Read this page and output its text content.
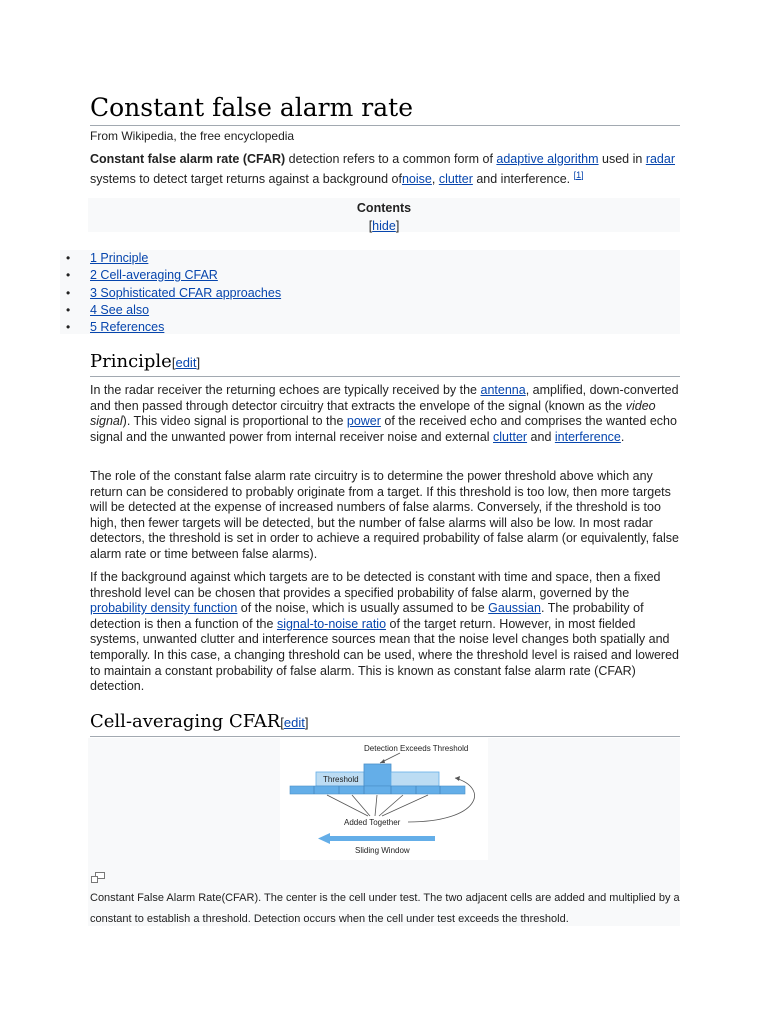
Constant false alarm rate
From Wikipedia, the free encyclopedia

Constant false alarm rate (CFAR) detection refers to a common form of adaptive algorithm used in radar systems to detect target returns against a background ofnoise, clutter and interference. [1]

Contents
[hide]
• 1 Principle
• 2 Cell-averaging CFAR
• 3 Sophisticated CFAR approaches
• 4 See also
• 5 References
Principle[edit]

In the radar receiver the returning echoes are typically received by the antenna, amplified, down-converted and then passed through detector circuitry that extracts the envelope of the signal (known as the video signal). This video signal is proportional to the power of the received echo and comprises the wanted echo signal and the unwanted power from internal receiver noise and external clutter and interference.

The role of the constant false alarm rate circuitry is to determine the power threshold above which any return can be considered to probably originate from a target. If this threshold is too low, then more targets will be detected at the expense of increased numbers of false alarms. Conversely, if the threshold is too high, then fewer targets will be detected, but the number of false alarms will also be low. In most radar detectors, the threshold is set in order to achieve a required probability of false alarm (or equivalently, false alarm rate or time between false alarms).

If the background against which targets are to be detected is constant with time and space, then a fixed threshold level can be chosen that provides a specified probability of false alarm, governed by the probability density function of the noise, which is usually assumed to be Gaussian. The probability of detection is then a function of the signal-to-noise ratio of the target return. However, in most fielded systems, unwanted clutter and interference sources mean that the noise level changes both spatially and temporally. In this case, a changing threshold can be used, where the threshold level is raised and lowered to maintain a constant probability of false alarm. This is known as constant false alarm rate (CFAR) detection.

Cell-averaging CFAR[edit]
Detection Exceeds Threshold
Threshold
Added Together
Sliding Window
Constant False Alarm Rate(CFAR). The center is the cell under test. The two adjacent cells are added and multiplied by a constant to establish a threshold. Detection occurs when the cell under test exceeds the threshold.
